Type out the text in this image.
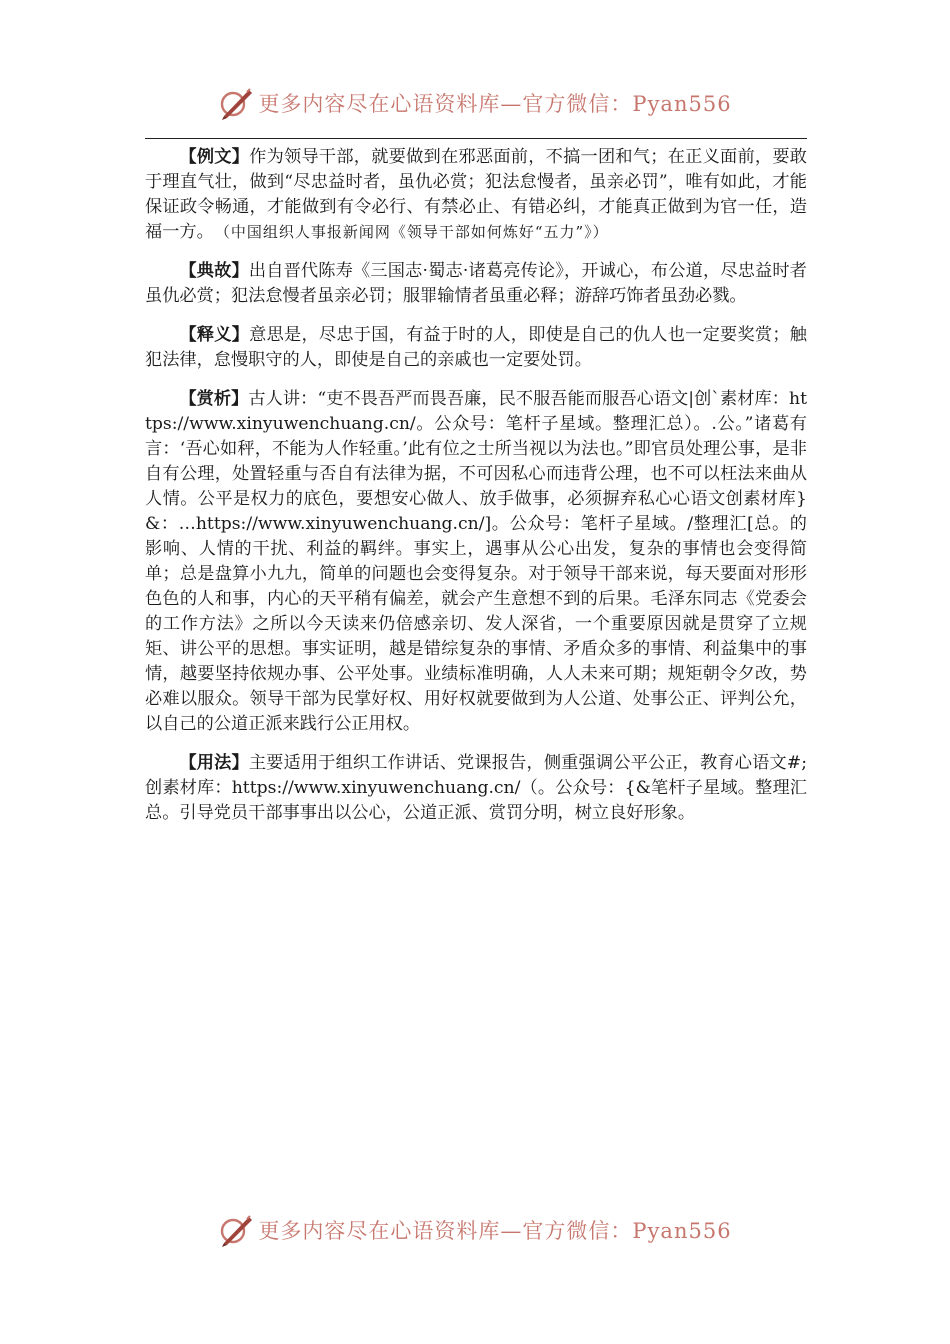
更多内容尽在心语资料库—官方微信：Pyan556

【例文】作为领导干部，就要做到在邪恶面前，不搞一团和气；在正义面前，要敢于理直气壮，做到“尽忠益时者，虽仇必赏；犯法怠慢者，虽亲必罚”，唯有如此，才能保证政令畅通，才能做到有令必行、有禁必止、有错必纠，才能真正做到为官一任，造福一方。　（中国组织人事报新闻网《领导干部如何炼好“五力”》）

【典故】出自晋代陈寿《三国志·蜀志·诸葛亮传论》，开诚心，布公道，尽忠益时者虽仇必赏；犯法怠慢者虽亲必罚；服罪输情者虽重必释；游辞巧饰者虽劲必戮。

【释义】意思是，尽忠于国，有益于时的人，即使是自己的仇人也一定要奖赏；触犯法律，怠慢职守的人，即使是自己的亲戚也一定要处罚。

【赏析】古人讲：“吏不畏吾严而畏吾廉，民不服吾能而服吾心语文|创`素材库：https://www.xinyuwenchuang.cn/。公众号：笔杆子星域。整理汇总）。.公。”诸葛有言：‘吾心如秤，不能为人作轻重。’此有位之士所当视以为法也。”即官员处理公事，是非自有公理，处置轻重与否自有法律为据，不可因私心而违背公理，也不可以枉法来曲从人情。公平是权力的底色，要想安心做人、放手做事，必须摒弃私心心语文创素材库}&：…https://www.xinyuwenchuang.cn/]。公众号：笔杆子星域。/整理汇[总。的影响、人情的干扰、利益的羁绊。事实上，遇事从公心出发，复杂的事情也会变得简单；总是盘算小九九，简单的问题也会变得复杂。对于领导干部来说，每天要面对形形色色的人和事，内心的天平稍有偏差，就会产生意想不到的后果。毛泽东同志《党委会的工作方法》之所以今天读来仍倍感亲切、发人深省，一个重要原因就是贯穿了立规矩、讲公平的思想。事实证明，越是错综复杂的事情、矛盾众多的事情、利益集中的事情，越要坚持依规办事、公平处事。业绩标准明确，人人未来可期；规矩朝令夕改，势必难以服众。领导干部为民掌好权、用好权就要做到为人公道、处事公正、评判公允，以自己的公道正派来践行公正用权。

【用法】主要适用于组织工作讲话、党课报告，侧重强调公平公正，教育心语文#;创素材库：https://www.xinyuwenchuang.cn/（。公众号：{&笔杆子星域。整理汇总。引导党员干部事事出以公心，公道正派、赏罚分明，树立良好形象。

更多内容尽在心语资料库—官方微信：Pyan556
